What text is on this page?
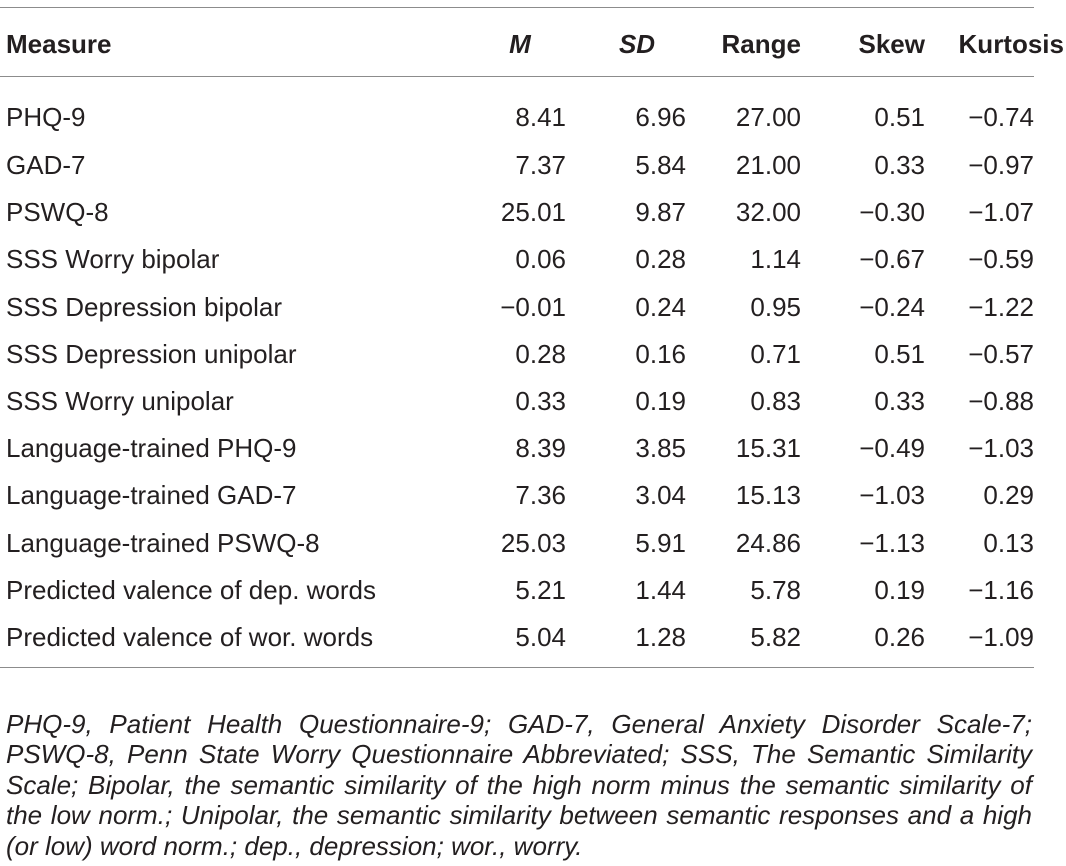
Measure	M	SD	Range	Skew	Kurtosis
PHQ-9	8.41	6.96	27.00	0.51	−0.74
GAD-7	7.37	5.84	21.00	0.33	−0.97
PSWQ-8	25.01	9.87	32.00	−0.30	−1.07
SSS Worry bipolar	0.06	0.28	1.14	−0.67	−0.59
SSS Depression bipolar	−0.01	0.24	0.95	−0.24	−1.22
SSS Depression unipolar	0.28	0.16	0.71	0.51	−0.57
SSS Worry unipolar	0.33	0.19	0.83	0.33	−0.88
Language-trained PHQ-9	8.39	3.85	15.31	−0.49	−1.03
Language-trained GAD-7	7.36	3.04	15.13	−1.03	0.29
Language-trained PSWQ-8	25.03	5.91	24.86	−1.13	0.13
Predicted valence of dep. words	5.21	1.44	5.78	0.19	−1.16
Predicted valence of wor. words	5.04	1.28	5.82	0.26	−1.09

PHQ-9, Patient Health Questionnaire-9; GAD-7, General Anxiety Disorder Scale-7; PSWQ-8, Penn State Worry Questionnaire Abbreviated; SSS, The Semantic Similarity Scale; Bipolar, the semantic similarity of the high norm minus the semantic similarity of the low norm.; Unipolar, the semantic similarity between semantic responses and a high (or low) word norm.; dep., depression; wor., worry.
